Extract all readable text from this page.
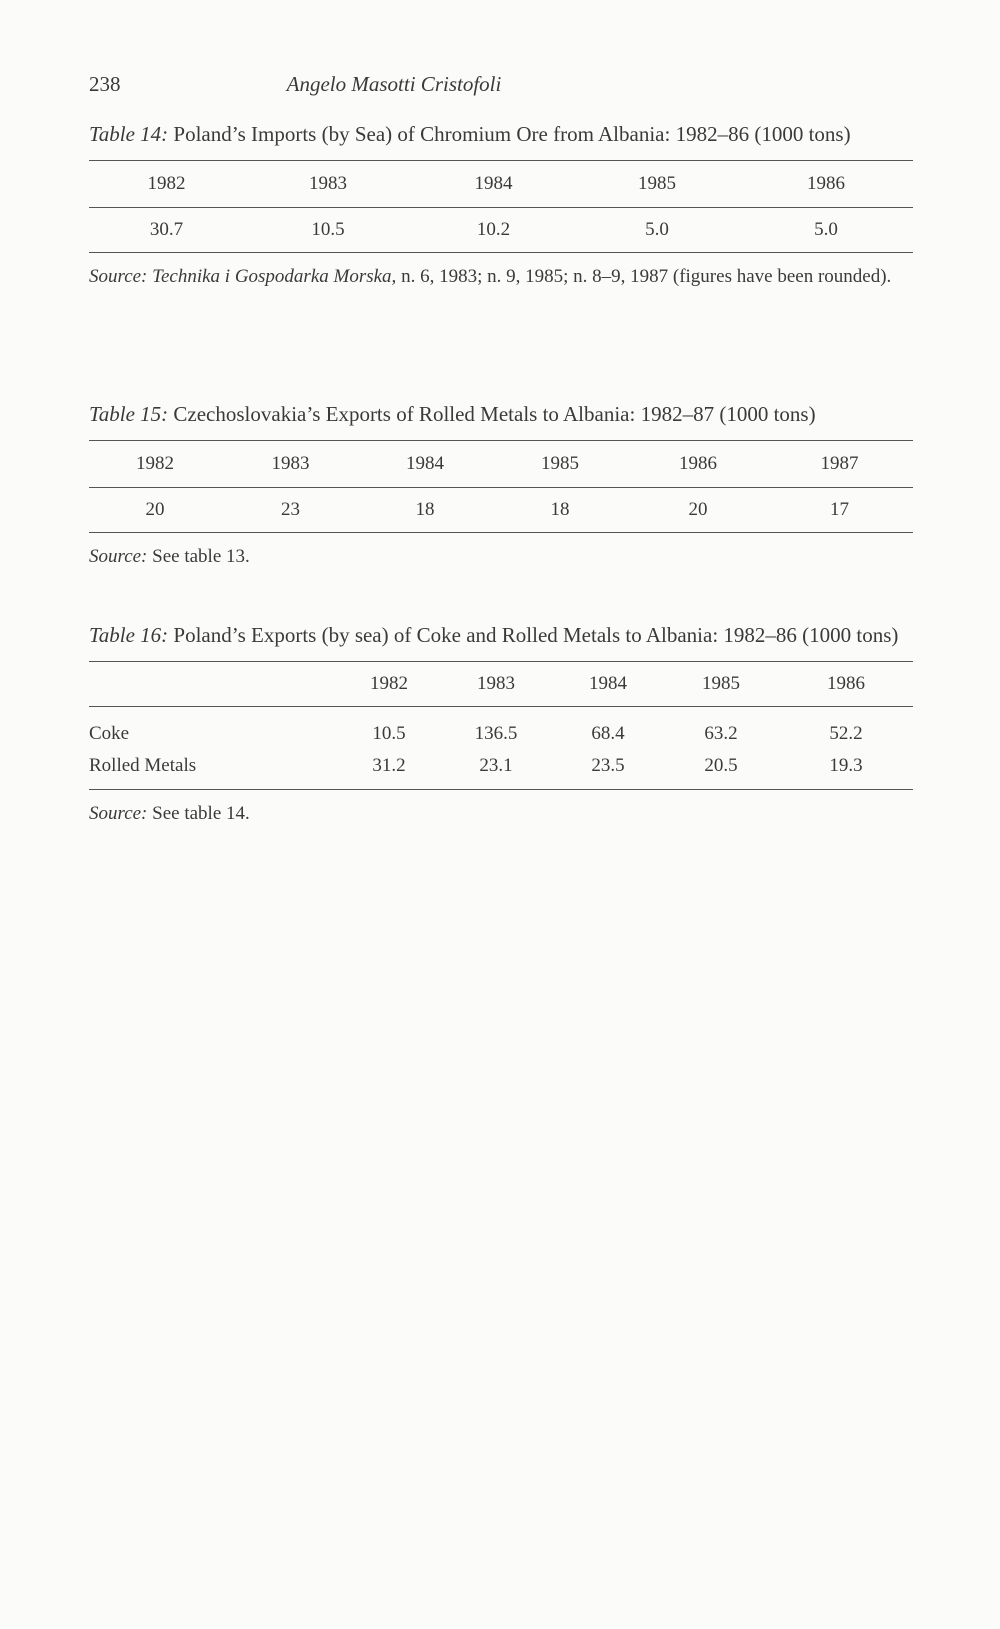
238	Angelo Masotti Cristofoli

Table 14: Poland’s Imports (by Sea) of Chromium Ore from Albania: 1982–86 (1000 tons)

1982	1983	1984	1985	1986
30.7	10.5	10.2	5.0	5.0

Source: Technika i Gospodarka Morska, n. 6, 1983; n. 9, 1985; n. 8–9, 1987 (figures have been rounded).

Table 15: Czechoslovakia’s Exports of Rolled Metals to Albania: 1982–87 (1000 tons)

1982	1983	1984	1985	1986	1987
20	23	18	18	20	17

Source: See table 13.

Table 16: Poland’s Exports (by sea) of Coke and Rolled Metals to Albania: 1982–86 (1000 tons)

	1982	1983	1984	1985	1986
Coke	10.5	136.5	68.4	63.2	52.2
Rolled Metals	31.2	23.1	23.5	20.5	19.3

Source: See table 14.
